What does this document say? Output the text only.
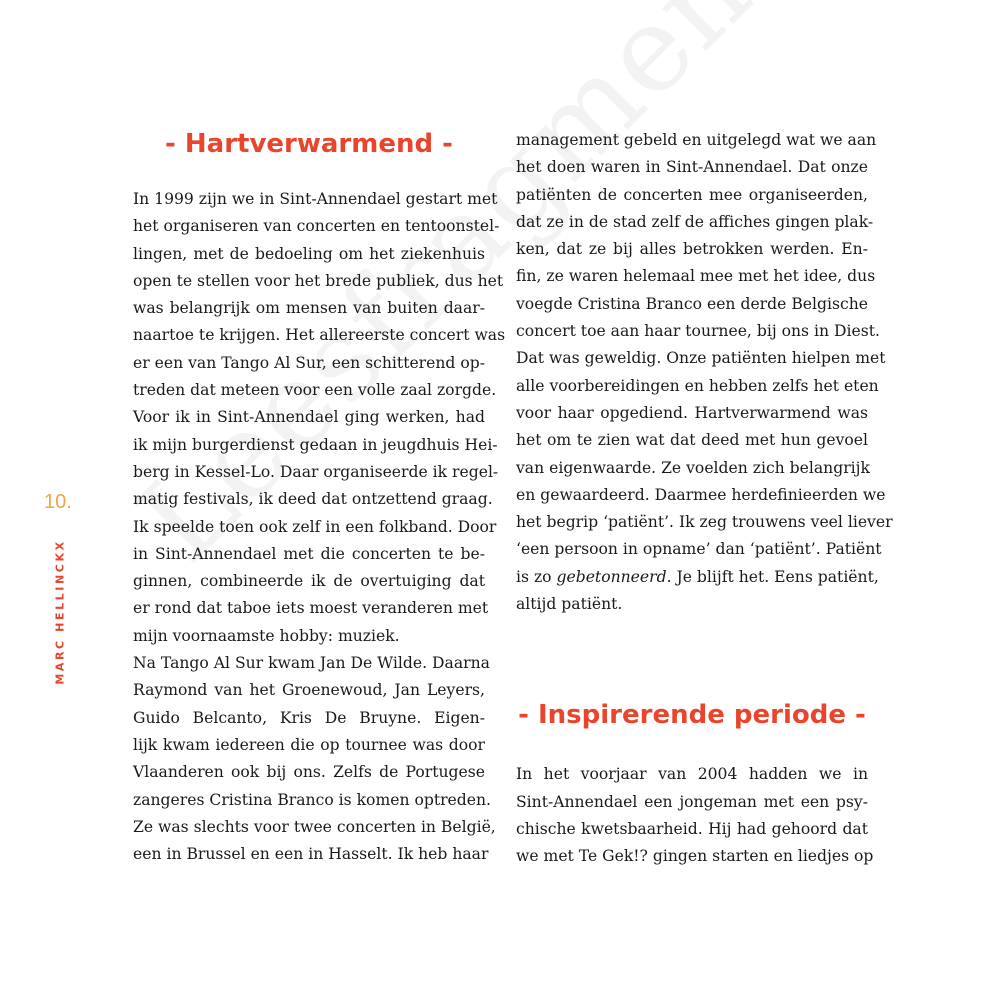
10.
MARC HELLINCKX
- Hartverwarmend -
In 1999 zijn we in Sint-Annendael gestart met
het organiseren van concerten en tentoonstel-
lingen, met de bedoeling om het ziekenhuis
open te stellen voor het brede publiek, dus het
was belangrijk om mensen van buiten daar-
naartoe te krijgen. Het allereerste concert was
er een van Tango Al Sur, een schitterend op-
treden dat meteen voor een volle zaal zorgde.
Voor ik in Sint-Annendael ging werken, had
ik mijn burgerdienst gedaan in jeugdhuis Hei-
berg in Kessel-Lo. Daar organiseerde ik regel-
matig festivals, ik deed dat ontzettend graag.
Ik speelde toen ook zelf in een folkband. Door
in Sint-Annendael met die concerten te be-
ginnen, combineerde ik de overtuiging dat
er rond dat taboe iets moest veranderen met
mijn voornaamste hobby: muziek.
Na Tango Al Sur kwam Jan De Wilde. Daarna
Raymond van het Groenewoud, Jan Leyers,
Guido Belcanto, Kris De Bruyne. Eigen-
lijk kwam iedereen die op tournee was door
Vlaanderen ook bij ons. Zelfs de Portugese
zangeres Cristina Branco is komen optreden.
Ze was slechts voor twee concerten in België,
een in Brussel en een in Hasselt. Ik heb haar
management gebeld en uitgelegd wat we aan
het doen waren in Sint-Annendael. Dat onze
patiënten de concerten mee organiseerden,
dat ze in de stad zelf de affiches gingen plak-
ken, dat ze bij alles betrokken werden. En-
fin, ze waren helemaal mee met het idee, dus
voegde Cristina Branco een derde Belgische
concert toe aan haar tournee, bij ons in Diest.
Dat was geweldig. Onze patiënten hielpen met
alle voorbereidingen en hebben zelfs het eten
voor haar opgediend. Hartverwarmend was
het om te zien wat dat deed met hun gevoel
van eigenwaarde. Ze voelden zich belangrijk
en gewaardeerd. Daarmee herdefinieerden we
het begrip ‘patiënt’. Ik zeg trouwens veel liever
‘een persoon in opname’ dan ‘patiënt’. Patiënt
is zo gebetonneerd. Je blijft het. Eens patiënt,
altijd patiënt.
- Inspirerende periode -
In het voorjaar van 2004 hadden we in
Sint-Annendael een jongeman met een psy-
chische kwetsbaarheid. Hij had gehoord dat
we met Te Gek!? gingen starten en liedjes op
